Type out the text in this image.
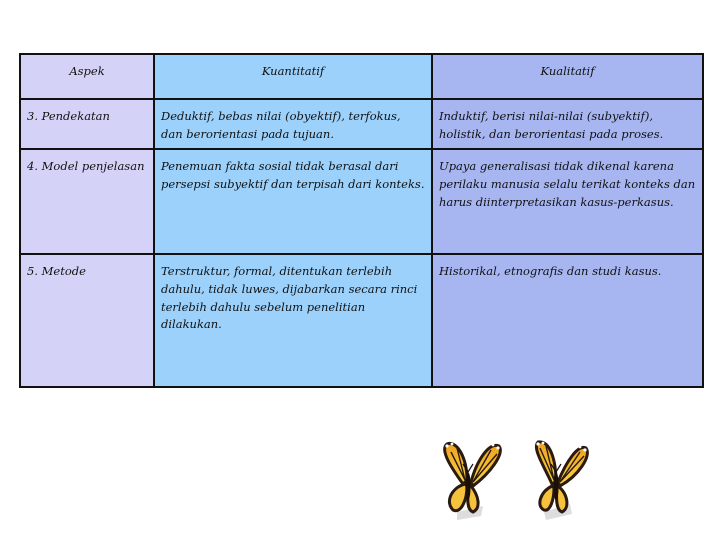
Aspek	Kuantitatif	Kualitatif
3. Pendekatan	Deduktif, bebas nilai (obyektif), terfokus, dan berorientasi pada tujuan.	Induktif, berisi nilai-nilai (subyektif), holistik, dan berorientasi pada proses.
4. Model penjelasan	Penemuan fakta sosial tidak berasal dari persepsi subyektif dan terpisah dari konteks.	Upaya generalisasi tidak dikenal karena perilaku manusia selalu terikat konteks dan harus diinterpretasikan kasus-perkasus.
5. Metode	Terstruktur, formal, ditentukan terlebih dahulu, tidak luwes, dijabarkan secara rinci terlebih dahulu sebelum penelitian dilakukan.	Historikal, etnografis dan studi kasus.
